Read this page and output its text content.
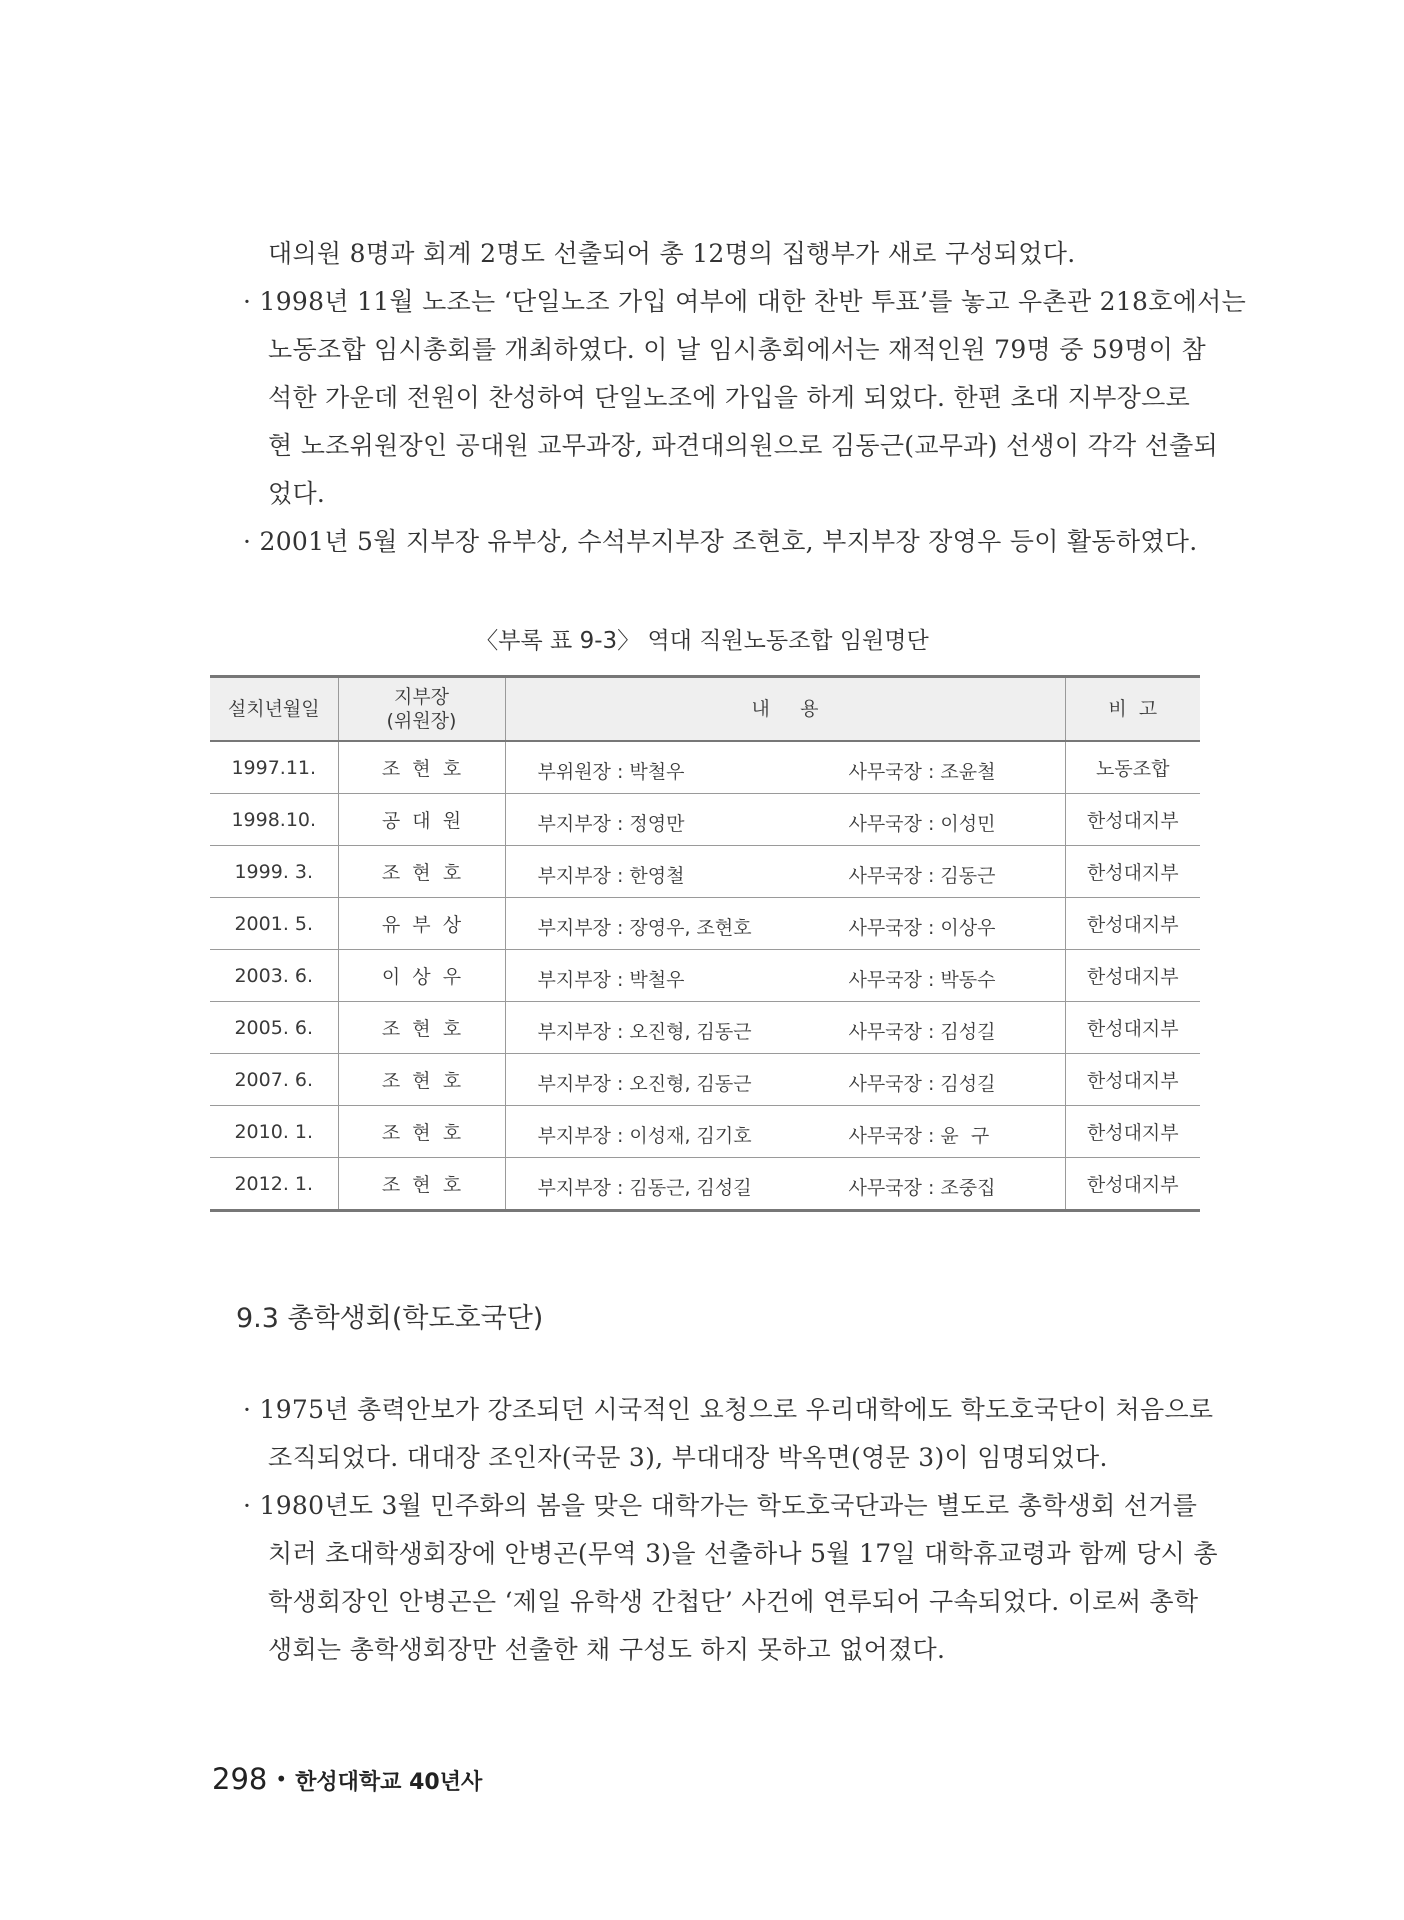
대의원 8명과 회계 2명도 선출되어 총 12명의 집행부가 새로 구성되었다.
· 1998년 11월 노조는 ‘단일노조 가입 여부에 대한 찬반 투표’를 놓고 우촌관 218호에서는
노동조합 임시총회를 개최하였다. 이 날 임시총회에서는 재적인원 79명 중 59명이 참
석한 가운데 전원이 찬성하여 단일노조에 가입을 하게 되었다. 한편 초대 지부장으로
현 노조위원장인 공대원 교무과장, 파견대의원으로 김동근(교무과) 선생이 각각 선출되
었다.
· 2001년 5월 지부장 유부상, 수석부지부장 조현호, 부지부장 장영우 등이 활동하였다.
〈부록 표 9-3〉 역대 직원노동조합 임원명단
설치년월일	지부장
(위원장)	내     용	비  고
1997.11.	조  현  호	부위원장 : 박철우 사무국장 : 조윤철	노동조합
1998.10.	공  대  원	부지부장 : 정영만 사무국장 : 이성민	한성대지부
1999. 3.	조  현  호	부지부장 : 한영철 사무국장 : 김동근	한성대지부
2001. 5.	유  부  상	부지부장 : 장영우, 조현호 사무국장 : 이상우	한성대지부
2003. 6.	이  상  우	부지부장 : 박철우 사무국장 : 박동수	한성대지부
2005. 6.	조  현  호	부지부장 : 오진형, 김동근 사무국장 : 김성길	한성대지부
2007. 6.	조  현  호	부지부장 : 오진형, 김동근 사무국장 : 김성길	한성대지부
2010. 1.	조  현  호	부지부장 : 이성재, 김기호 사무국장 : 윤  구	한성대지부
2012. 1.	조  현  호	부지부장 : 김동근, 김성길 사무국장 : 조중집	한성대지부
9.3 총학생회(학도호국단)
· 1975년 총력안보가 강조되던 시국적인 요청으로 우리대학에도 학도호국단이 처음으로
조직되었다. 대대장 조인자(국문 3), 부대대장 박옥면(영문 3)이 임명되었다.
· 1980년도 3월 민주화의 봄을 맞은 대학가는 학도호국단과는 별도로 총학생회 선거를
치러 초대학생회장에 안병곤(무역 3)을 선출하나 5월 17일 대학휴교령과 함께 당시 총
학생회장인 안병곤은 ‘제일 유학생 간첩단’ 사건에 연루되어 구속되었다. 이로써 총학
생회는 총학생회장만 선출한 채 구성도 하지 못하고 없어졌다.
298 • 한성대학교 40년사
